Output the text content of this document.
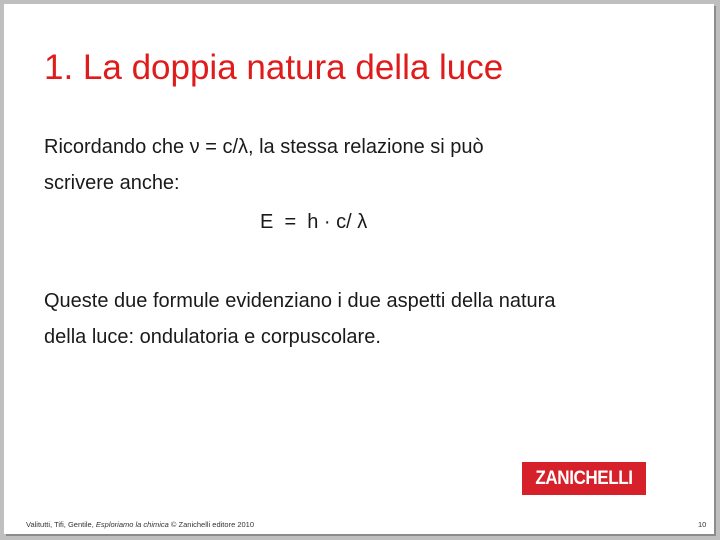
1. La doppia natura della luce
Ricordando che ν = c/λ, la stessa relazione si può
scrivere anche:
E  =  h · c/ λ
Queste due formule evidenziano i due aspetti della natura
della luce: ondulatoria e corpuscolare.
ZANICHELLI
Valitutti, Tifi, Gentile, Esploriamo la chimica © Zanichelli editore 2010	10
